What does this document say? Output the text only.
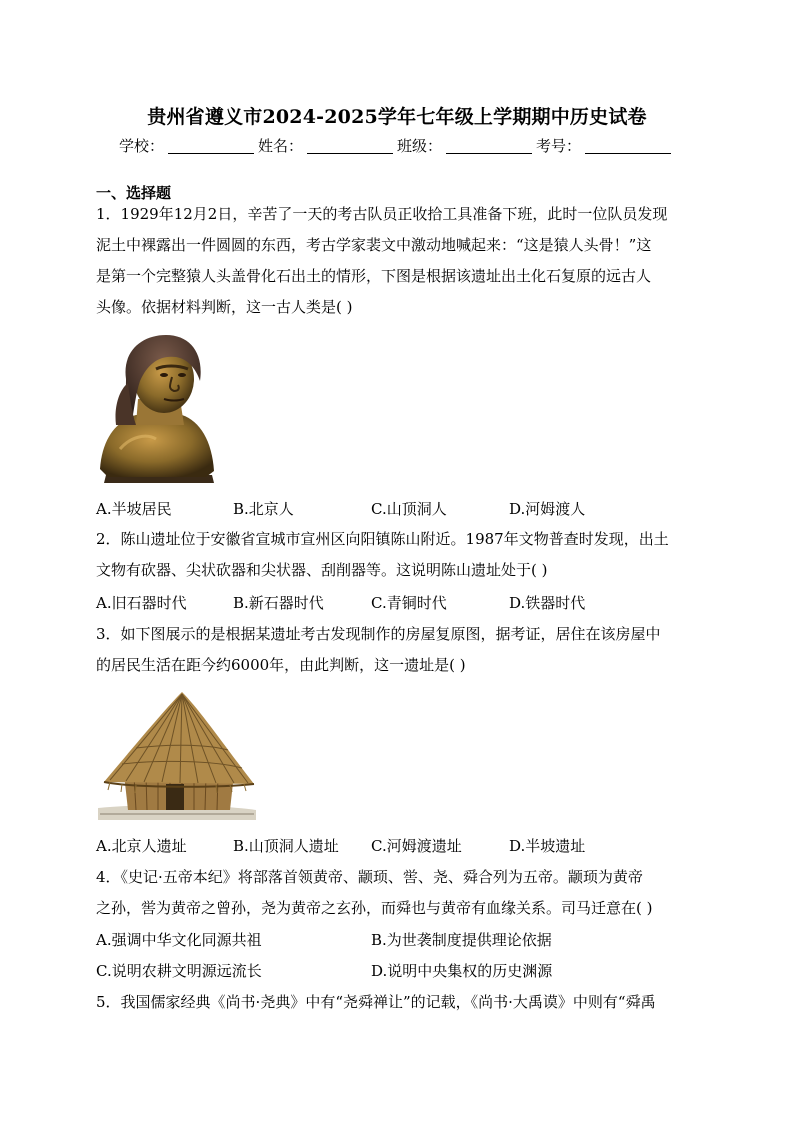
贵州省遵义市2024-2025学年七年级上学期期中历史试卷
学校：	姓名：	班级：	考号：
一、选择题
1．1929年12月2日，辛苦了一天的考古队员正收拾工具准备下班，此时一位队员发现
泥土中裸露出一件圆圆的东西，考古学家裴文中激动地喊起来：“这是猿人头骨！”这
是第一个完整猿人头盖骨化石出土的情形，下图是根据该遗址出土化石复原的远古人
头像。依据材料判断，这一古人类是( )
A.半坡居民	B.北京人	C.山顶洞人	D.河姆渡人
2．陈山遗址位于安徽省宣城市宣州区向阳镇陈山附近。1987年文物普查时发现，出土
文物有砍器、尖状砍器和尖状器、刮削器等。这说明陈山遗址处于( )
A.旧石器时代	B.新石器时代	C.青铜时代	D.铁器时代
3．如下图展示的是根据某遗址考古发现制作的房屋复原图，据考证，居住在该房屋中
的居民生活在距今约6000年，由此判断，这一遗址是( )
A.北京人遗址	B.山顶洞人遗址 C.河姆渡遗址	D.半坡遗址
4．《史记·五帝本纪》将部落首领黄帝、颛顼、喾、尧、舜合列为五帝。颛顼为黄帝
之孙，喾为黄帝之曾孙，尧为黄帝之玄孙，而舜也与黄帝有血缘关系。司马迁意在( )
A.强调中华文化同源共祖	B.为世袭制度提供理论依据
C.说明农耕文明源远流长	D.说明中央集权的历史渊源
5．我国儒家经典《尚书·尧典》中有“尧舜禅让”的记载，《尚书·大禹谟》中则有“舜禹
